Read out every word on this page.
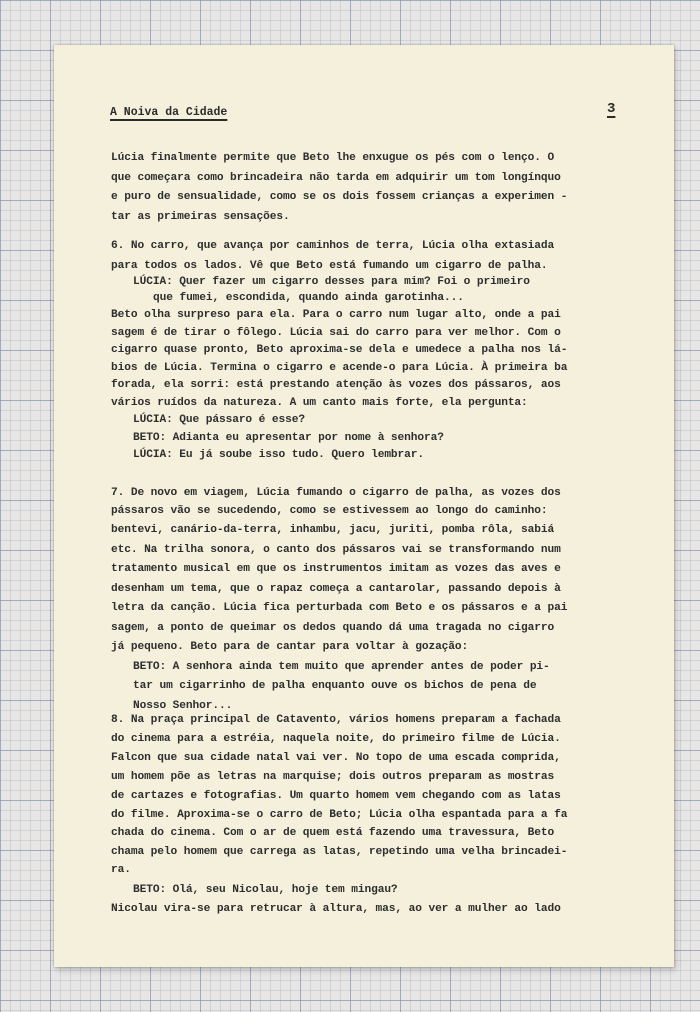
A Noiva da Cidade	3
Lúcia finalmente permite que Beto lhe enxugue os pés com o lenço. O
que começara como brincadeira não tarda em adquirir um tom longínquo
e puro de sensualidade, como se os dois fossem crianças a experimen -
tar as primeiras sensações.
6. No carro, que avança por caminhos de terra, Lúcia olha extasiada
para todos os lados. Vê que Beto está fumando um cigarro de palha.
LÚCIA: Quer fazer um cigarro desses para mim? Foi o primeiro
que fumei, escondida, quando ainda garotinha...
Beto olha surpreso para ela. Para o carro num lugar alto, onde a pai
sagem é de tirar o fôlego. Lúcia sai do carro para ver melhor. Com o
cigarro quase pronto, Beto aproxima-se dela e umedece a palha nos lá-
bios de Lúcia. Termina o cigarro e acende-o para Lúcia. À primeira ba
forada, ela sorri: está prestando atenção às vozes dos pássaros, aos
vários ruídos da natureza. A um canto mais forte, ela pergunta:
LÚCIA: Que pássaro é esse?
BETO: Adianta eu apresentar por nome à senhora?
LÚCIA: Eu já soube isso tudo. Quero lembrar.
7. De novo em viagem, Lúcia fumando o cigarro de palha, as vozes dos
pássaros vão se sucedendo, como se estivessem ao longo do caminho:
bentevi, canário-da-terra, inhambu, jacu, juriti, pomba rôla, sabiá
etc. Na trilha sonora, o canto dos pássaros vai se transformando num
tratamento musical em que os instrumentos imitam as vozes das aves e
desenham um tema, que o rapaz começa a cantarolar, passando depois à
letra da canção. Lúcia fica perturbada com Beto e os pássaros e a pai
sagem, a ponto de queimar os dedos quando dá uma tragada no cigarro
já pequeno. Beto para de cantar para voltar à gozação:
BETO: A senhora ainda tem muito que aprender antes de poder pi-
tar um cigarrinho de palha enquanto ouve os bichos de pena de
Nosso Senhor...
8. Na praça principal de Catavento, vários homens preparam a fachada
do cinema para a estréia, naquela noite, do primeiro filme de Lúcia.
Falcon que sua cidade natal vai ver. No topo de uma escada comprida,
um homem põe as letras na marquise; dois outros preparam as mostras
de cartazes e fotografias. Um quarto homem vem chegando com as latas
do filme. Aproxima-se o carro de Beto; Lúcia olha espantada para a fa
chada do cinema. Com o ar de quem está fazendo uma travessura, Beto
chama pelo homem que carrega as latas, repetindo uma velha brincadei-
ra.
BETO: Olá, seu Nicolau, hoje tem mingau?
Nicolau vira-se para retrucar à altura, mas, ao ver a mulher ao lado
